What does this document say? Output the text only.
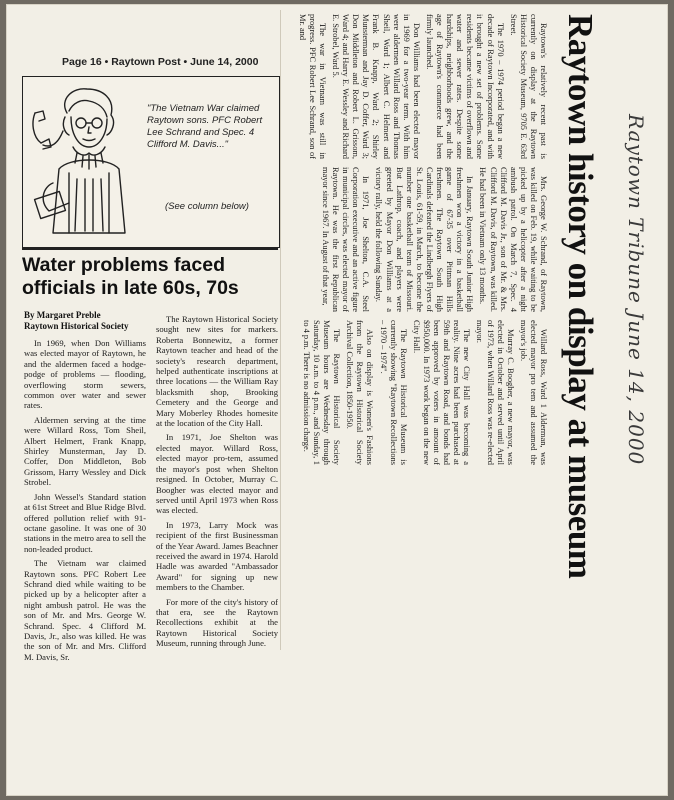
Page 16 • Raytown Post • June 14, 2000
"The Vietnam War claimed Raytown sons. PFC Robert Lee Schrand and Spec. 4 Clifford M. Davis..."
(See column below)
Water problems faced officials in late 60s, 70s
By Margaret Preble
Raytown Historical Society

In 1969, when Don Williams was elected mayor of Raytown, he and the aldermen faced a hodge-podge of problems — flooding, overflowing storm sewers, common over water and sewer rates.

Aldermen serving at the time were Willard Ross, Tom Sheil, Albert Helmert, Frank Knapp, Shirley Munsterman, Jay D. Coffer, Don Middleton, Bob Grissom, Harry Wessley and Dick Strobel.

John Wessel's Standard station at 61st Street and Blue Ridge Blvd. offered pollution relief with 91-octane gasoline. It was one of 30 stations in the metro area to sell the non-leaded product.

The Vietnam war claimed Raytown sons. PFC Robert Lee Schrand died while waiting to be picked up by a helicopter after a night ambush patrol. He was the son of Mr. and Mrs. George W. Schrand. Spec. 4 Clifford M. Davis, Jr., also was killed. He was the son of Mr. and Mrs. Clifford M. Davis, Sr.

The Raytown Historical Society sought new sites for markers. Roberta Bonnewitz, a former Raytown teacher and head of the society's research department, helped authenticate inscriptions at three locations — the William Ray blacksmith shop, Brooking Cemetery and the George and Mary Moberley Rhodes homesite at the location of the City Hall.

In 1971, Joe Shelton was elected mayor. Willard Ross, elected mayor pro-tem, assumed the mayor's post when Shelton resigned. In October, Murray C. Boogher was elected mayor and served until April 1973 when Ross was elected.

In 1973, Larry Mock was recipient of the first Businessman of the Year Award. James Beachner received the award in 1974. Harold Hadle was awarded "Ambassador Award" for signing up new members to the Chamber.

For more of the city's history of that era, see the Raytown Recollections exhibit at the Raytown Historical Society Museum, running through June.

Raytown history on display at museum

Raytown's relatively recent past is currently on display at the Raytown Historical Society Museum, 9705 E. 63rd Street.

The 1970 – 1974 period began a new decade of Raytown Incorporated, and with it brought a new set of problems. Some residents became victims of overflown and water and sewer rates. Despite some hardships, neighborhoods grew, and the age of Raytown's commerce had been firmly launched.

Don Williams had been elected mayor in 1969 for a two-year term. With him were aldermen Willard Ross and Thomas Sheil, Ward 1; Albert C. Helmert and Frank B. Knapp, Ward 2; Shirley Munsterman and Jay D. Coffer, Ward 3; Don Middleton and Robert L. Grissom, Ward 4; and Harry E. Wessley and Richard E. Strobel, Ward 5.

The war in Vietnam was still in progress. PFC Robert Lee Schrand, son of Mr. and

Mrs. George W. Schrand, of Raytown, was killed on Feb. 19, while waiting to be picked up by a helicopter after a night ambush patrol. On March 7, Spec. 4 Clifford M. Davis Jr., son of Mr. & Mrs. Clifford M. Davis, of Raytown, was killed. He had been in Vietnam only 13 months.

In January, Raytown South Junior High freshmen won a victory in a basketball game of 67-35 over Pittman Hills freshmen. The Raytown South High Cardinals defeated the Lindbergh Flyers of St. Louis, 61-59, in March, to become the number one basketball team of Missouri. But Lathrop, coach, and players were greeted by Mayor Don Williams at a victory rally, held the following Sunday.

In 1971, Joe Shelton, C.A. Steel Corporation executive and an active figure in municipal circles, was elected mayor of Raytown. He was the first Republican mayor since 1967. In August of that year,

Willard Ross, Ward 1 Alderman, was elected mayor pro tem and assumed the mayor's job.

Murray C. Boogher, a new mayor, was elected in October and served until April of 1973, when Willard Ross was re-elected mayor.

The new City Hall was becoming a reality. Nine acres had been purchased at 59th and Raytown Road, and bonds had been approved by voters in amount of $950,000. In 1973 work began on the new City Hall.

The Raytown Historical Museum is currently showing "Raytown Recollections – 1970 – 1974".

Also on display is Women's Fashions from the Raytown Historical Society Archival Collection, 1850-1950.

The Raytown Historical Society Museum hours are Wednesday through Saturday, 10 a.m. to 4 p.m., and Sunday, 1 to 4 p.m. There is no admission charge.	Raytown Tribune June 14, 2000
